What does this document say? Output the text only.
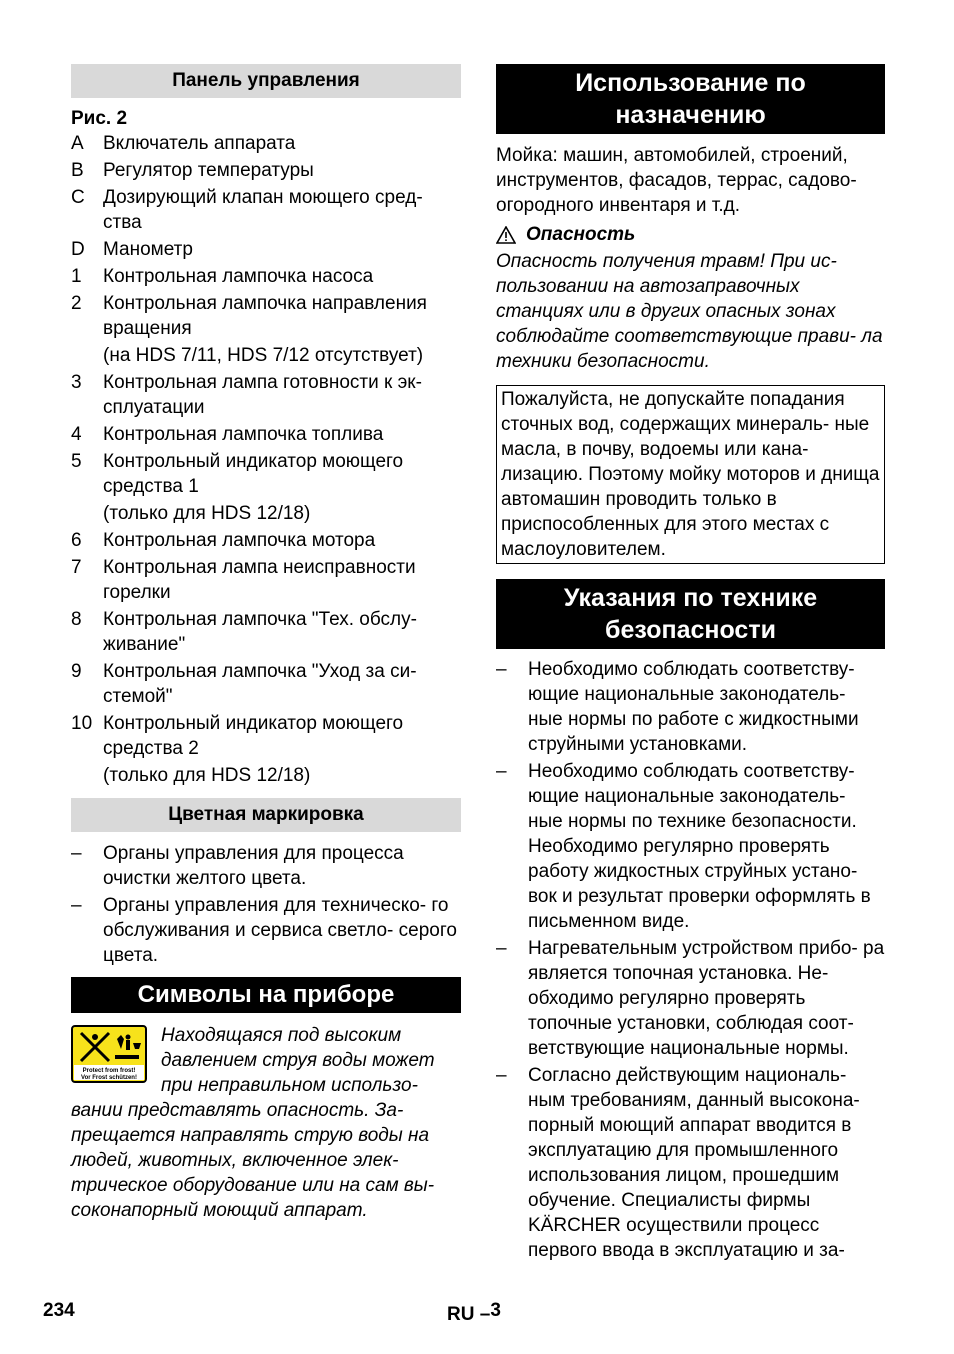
Панель управления
Рис. 2
A	Включатель аппарата
B	Регулятор температуры
C Дозирующий клапан моющего сред- ства
D Манометр
1	Контрольная лампочка насоса
2	Контрольная лампочка направления вращения
(на HDS 7/11, HDS 7/12 отсутствует)
3	Контрольная лампа готовности к эк- сплуатации
4	Контрольная лампочка топлива
5	Контрольный индикатор моющего средства 1
(только для HDS 12/18)
6	Контрольная лампочка мотора
7	Контрольная лампа неисправности горелки
8	Контрольная лампочка "Тех. обслу- живание"
9	Контрольная лампочка "Уход за си- стемой"
10 Контрольный индикатор моющего средства 2
(только для HDS 12/18)
Цветная маркировка
–	Органы управления для процесса очистки желтого цвета.
–	Органы управления для техническо- го обслуживания и сервиса светло- серого цвета.
Символы на приборе
Protect from frost!
Vor Frost schützen!
Находящаяся под высоким давлением струя воды может при неправильном использо- вании представлять опасность. За- прещается направлять струю воды на людей, животных, включенное элек- трическое оборудование или на сам вы- соконапорный моющий аппарат.
Использование по назначению
Мойка: машин, автомобилей, строений, инструментов, фасадов, террас, садово- огородного инвентаря и т.д.
Опасность
Опасность получения травм! При ис- пользовании на автозаправочных станциях или в других опасных зонах соблюдайте соответствующие прави- ла техники безопасности.
Пожалуйста, не допускайте попадания сточных вод, содержащих минераль- ные масла, в почву, водоемы или кана- лизацию. Поэтому мойку моторов и днища автомашин проводить только в приспособленных для этого местах с маслоуловителем.
Указания по технике безопасности
–	Необходимо соблюдать соответству- ющие национальные законодатель- ные нормы по работе с жидкостными струйными установками.
–	Необходимо соблюдать соответству- ющие национальные законодатель- ные нормы по технике безопасности. Необходимо регулярно проверять работу жидкостных струйных устано- вок и результат проверки оформлять в письменном виде.
–	Нагревательным устройством прибо- ра является топочная установка. Не- обходимо регулярно проверять топочные установки, соблюдая соот- ветствующие национальные нормы.
–	Согласно действующим националь- ным требованиям, данный высокона- порный моющий аппарат вводится в эксплуатацию для промышленного использования лицом, прошедшим обучение. Специалисты фирмы KÄRCHER осуществили процесс первого ввода в эксплуатацию и за-
234	RU –$^3$
